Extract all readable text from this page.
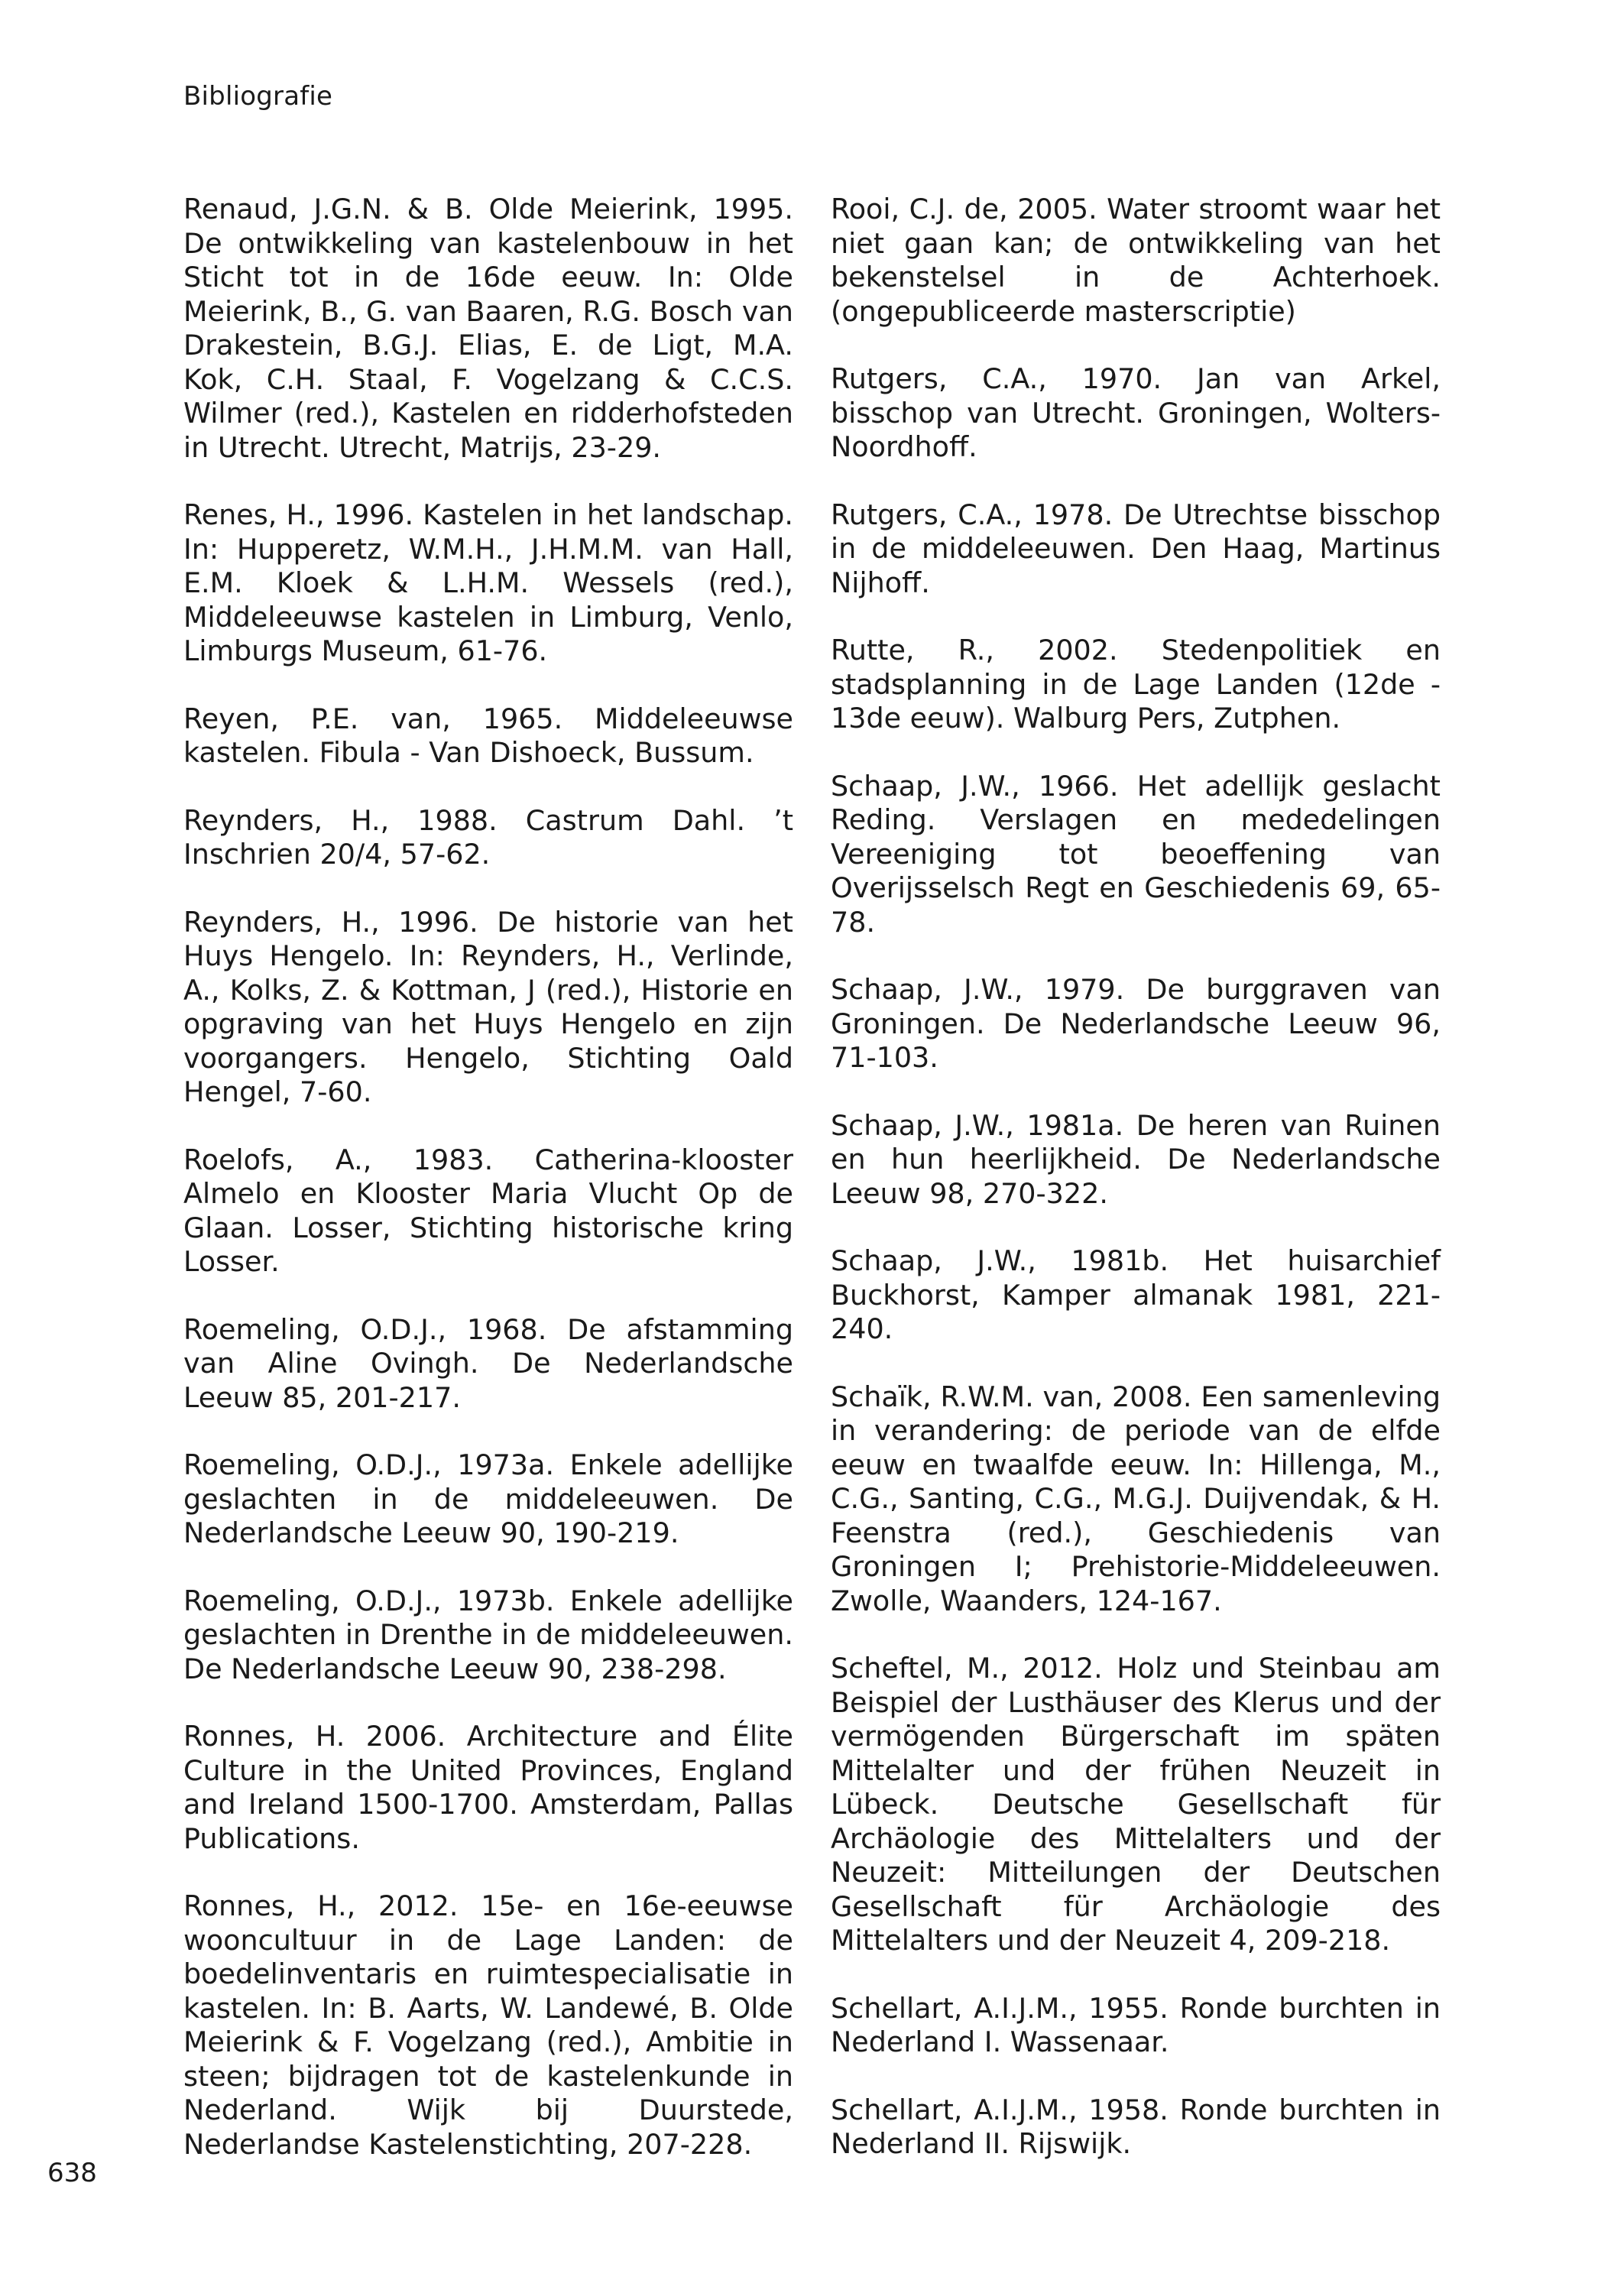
Bibliografie

Renaud, J.G.N. & B. Olde Meierink, 1995. De ontwikkeling van kastelenbouw in het Sticht tot in de 16de eeuw. In: Olde Meierink, B., G. van Baaren, R.G. Bosch van Drakestein, B.G.J. Elias, E. de Ligt, M.A. Kok, C.H. Staal, F. Vogelzang & C.C.S. Wilmer (red.), Kastelen en ridderhofsteden in Utrecht. Utrecht, Matrijs, 23-29.

Renes, H., 1996. Kastelen in het landschap. In: Hupperetz, W.M.H., J.H.M.M. van Hall, E.M. Kloek & L.H.M. Wessels (red.), Middeleeuwse kastelen in Limburg, Venlo, Limburgs Museum, 61-76.

Reyen, P.E. van, 1965. Middeleeuwse kastelen. Fibula - Van Dishoeck, Bussum.

Reynders, H., 1988. Castrum Dahl. ’t Inschrien 20/4, 57-62.

Reynders, H., 1996. De historie van het Huys Hengelo. In: Reynders, H., Verlinde, A., Kolks, Z. & Kottman, J (red.), Historie en opgraving van het Huys Hengelo en zijn voorgangers. Hengelo, Stichting Oald Hengel, 7-60.

Roelofs, A., 1983. Catherina-klooster Almelo en Klooster Maria Vlucht Op de Glaan. Losser, Stichting historische kring Losser.

Roemeling, O.D.J., 1968. De afstamming van Aline Ovingh. De Nederlandsche Leeuw 85, 201-217.

Roemeling, O.D.J., 1973a. Enkele adellijke geslachten in de middeleeuwen. De Nederlandsche Leeuw 90, 190-219.

Roemeling, O.D.J., 1973b. Enkele adellijke geslachten in Drenthe in de middeleeuwen. De Nederlandsche Leeuw 90, 238-298.

Ronnes, H. 2006. Architecture and Élite Culture in the United Provinces, England and Ireland 1500-1700. Amsterdam, Pallas Publications.

Ronnes, H., 2012. 15e- en 16e-eeuwse wooncultuur in de Lage Landen: de boedelinventaris en ruimtespecialisatie in kastelen. In: B. Aarts, W. Landewé, B. Olde Meierink & F. Vogelzang (red.), Ambitie in steen; bijdragen tot de kastelenkunde in Nederland. Wijk bij Duurstede, Nederlandse Kastelenstichting, 207-228.

Rooi, C.J. de, 2005. Water stroomt waar het niet gaan kan; de ontwikkeling van het bekenstelsel in de Achterhoek. (ongepubliceerde masterscriptie)

Rutgers, C.A., 1970. Jan van Arkel, bisschop van Utrecht. Groningen, Wolters-Noordhoff.

Rutgers, C.A., 1978. De Utrechtse bisschop in de middeleeuwen. Den Haag, Martinus Nijhoff.

Rutte, R., 2002. Stedenpolitiek en stadsplanning in de Lage Landen (12de - 13de eeuw). Walburg Pers, Zutphen.

Schaap, J.W., 1966. Het adellijk geslacht Reding. Verslagen en mededelingen Vereeniging tot beoeffening van Overijsselsch Regt en Geschiedenis 69, 65-78.

Schaap, J.W., 1979. De burggraven van Groningen. De Nederlandsche Leeuw 96, 71-103.

Schaap, J.W., 1981a. De heren van Ruinen en hun heerlijkheid. De Nederlandsche Leeuw 98, 270-322.

Schaap, J.W., 1981b. Het huisarchief Buckhorst, Kamper almanak 1981, 221-240.

Schaïk, R.W.M. van, 2008. Een samenleving in verandering: de periode van de elfde eeuw en twaalfde eeuw. In: Hillenga, M., C.G., Santing, C.G., M.G.J. Duijvendak, & H. Feenstra (red.), Geschiedenis van Groningen I; Prehistorie-Middeleeuwen. Zwolle, Waanders, 124-167.

Scheftel, M., 2012. Holz und Steinbau am Beispiel der Lusthäuser des Klerus und der vermögenden Bürgerschaft im späten Mittelalter und der frühen Neuzeit in Lübeck. Deutsche Gesellschaft für Archäologie des Mittelalters und der Neuzeit: Mitteilungen der Deutschen Gesellschaft für Archäologie des Mittelalters und der Neuzeit 4, 209-218.

Schellart, A.I.J.M., 1955. Ronde burchten in Nederland I. Wassenaar.

Schellart, A.I.J.M., 1958. Ronde burchten in Nederland II. Rijswijk.

638
